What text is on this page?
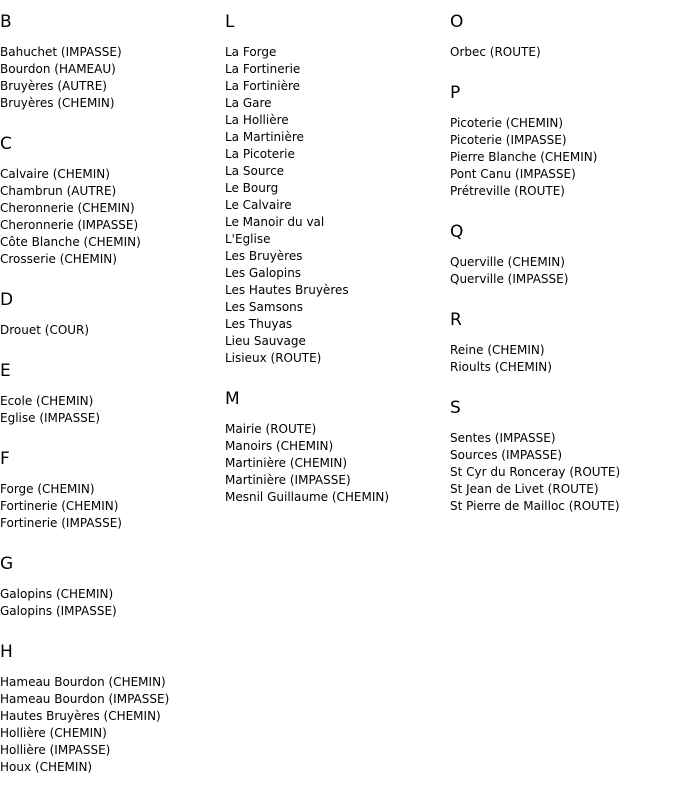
B
Bahuchet (IMPASSE)
Bourdon (HAMEAU)
Bruyères (AUTRE)
Bruyères (CHEMIN)
C
Calvaire (CHEMIN)
Chambrun (AUTRE)
Cheronnerie (CHEMIN)
Cheronnerie (IMPASSE)
Côte Blanche (CHEMIN)
Crosserie (CHEMIN)
D
Drouet (COUR)
E
Ecole (CHEMIN)
Eglise (IMPASSE)
F
Forge (CHEMIN)
Fortinerie (CHEMIN)
Fortinerie (IMPASSE)
G
Galopins (CHEMIN)
Galopins (IMPASSE)
H
Hameau Bourdon (CHEMIN)
Hameau Bourdon (IMPASSE)
Hautes Bruyères (CHEMIN)
Hollière (CHEMIN)
Hollière (IMPASSE)
Houx (CHEMIN)
L
La Forge
La Fortinerie
La Fortinière
La Gare
La Hollière
La Martinière
La Picoterie
La Source
Le Bourg
Le Calvaire
Le Manoir du val
L'Eglise
Les Bruyères
Les Galopins
Les Hautes Bruyères
Les Samsons
Les Thuyas
Lieu Sauvage
Lisieux (ROUTE)
M
Mairie (ROUTE)
Manoirs (CHEMIN)
Martinière (CHEMIN)
Martinière (IMPASSE)
Mesnil Guillaume (CHEMIN)
O
Orbec (ROUTE)
P
Picoterie (CHEMIN)
Picoterie (IMPASSE)
Pierre Blanche (CHEMIN)
Pont Canu (IMPASSE)
Prétreville (ROUTE)
Q
Querville (CHEMIN)
Querville (IMPASSE)
R
Reine (CHEMIN)
Rioults (CHEMIN)
S
Sentes (IMPASSE)
Sources (IMPASSE)
St Cyr du Ronceray (ROUTE)
St Jean de Livet (ROUTE)
St Pierre de Mailloc (ROUTE)
